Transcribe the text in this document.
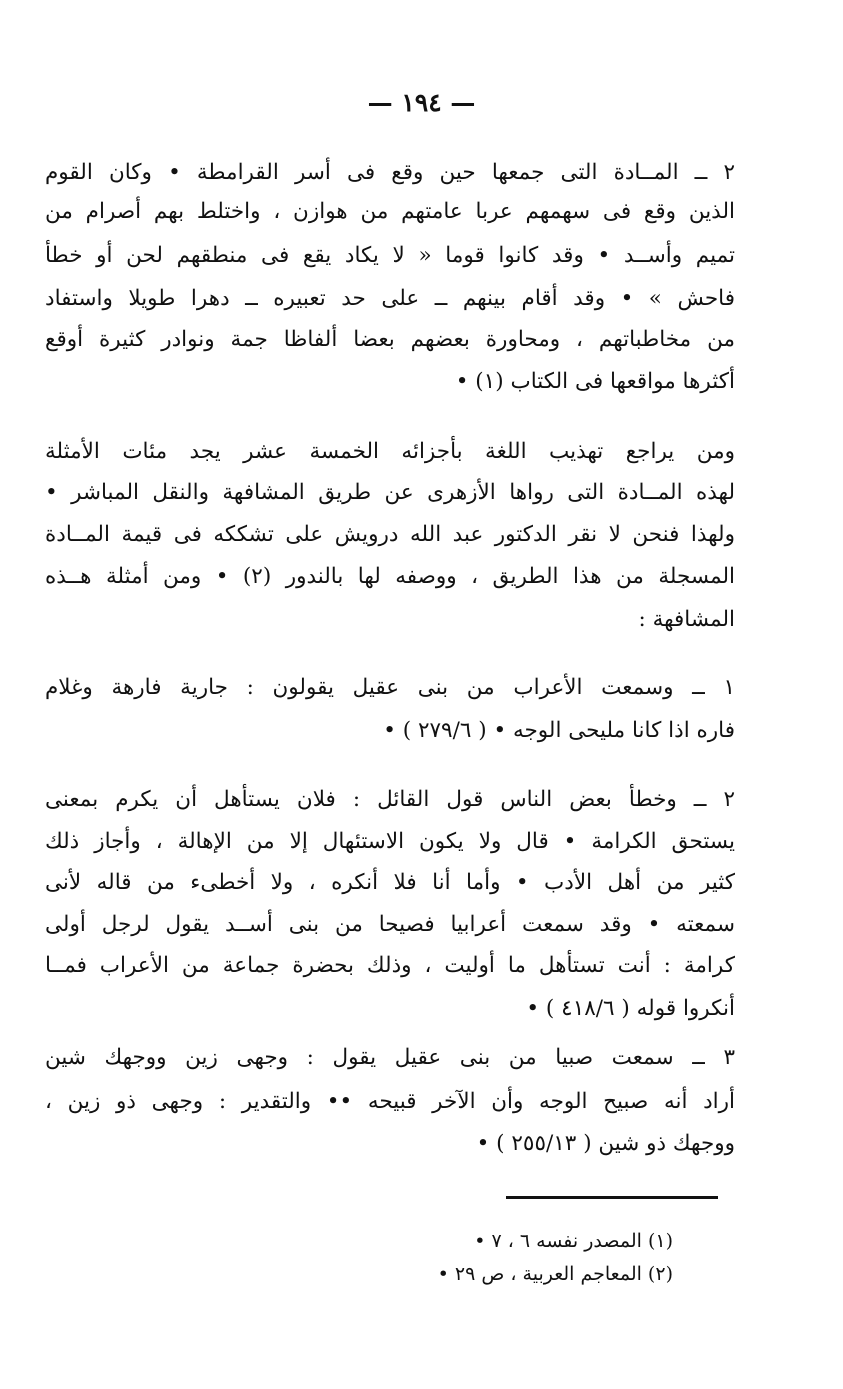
— ١٩٤ —
٢ ــ المــادة التى جمعها حين وقع فى أسر القرامطة • وكان القوم
الذين وقع فى سهمهم عربا عامتهم من هوازن ، واختلط بهم أصرام من
تميم وأســد • وقد كانوا قوما « لا يكاد يقع فى منطقهم لحن أو خطأ
فاحش » • وقد أقام بينهم ــ على حد تعبيره ــ دهرا طويلا واستفاد
من مخاطباتهم ، ومحاورة بعضهم بعضا ألفاظا جمة ونوادر كثيرة أوقع
أكثرها مواقعها فى الكتاب (١) •
ومن يراجع تهذيب اللغة بأجزائه الخمسة عشر يجد مئات الأمثلة
لهذه المــادة التى رواها الأزهرى عن طريق المشافهة والنقل المباشر •
ولهذا فنحن لا نقر الدكتور عبد الله درويش على تشككه فى قيمة المــادة
المسجلة من هذا الطريق ، ووصفه لها بالندور (٢) • ومن أمثلة هــذه
المشافهة :
١ ــ وسمعت الأعراب من بنى عقيل يقولون : جارية فارهة وغلام
فاره اذا كانا مليحى الوجه • ( ٢٧٩/٦ ) •
٢ ــ وخطأ بعض الناس قول القائل : فلان يستأهل أن يكرم بمعنى
يستحق الكرامة • قال ولا يكون الاستئهال إلا من الإهالة ، وأجاز ذلك
كثير من أهل الأدب • وأما أنا فلا أنكره ، ولا أخطىء من قاله لأنى
سمعته • وقد سمعت أعرابيا فصيحا من بنى أســد يقول لرجل أولى
كرامة : أنت تستأهل ما أوليت ، وذلك بحضرة جماعة من الأعراب فمــا
أنكروا قوله ( ٤١٨/٦ ) •
٣ ــ سمعت صبيا من بنى عقيل يقول : وجهى زين ووجهك شين
أراد أنه صبيح الوجه وأن الآخر قبيحه •• والتقدير : وجهى ذو زين ،
ووجهك ذو شين ( ٢٥٥/١٣ ) •
(١) المصدر نفسه ٦ ، ٧ •
(٢) المعاجم العربية ، ص ٢٩ •
